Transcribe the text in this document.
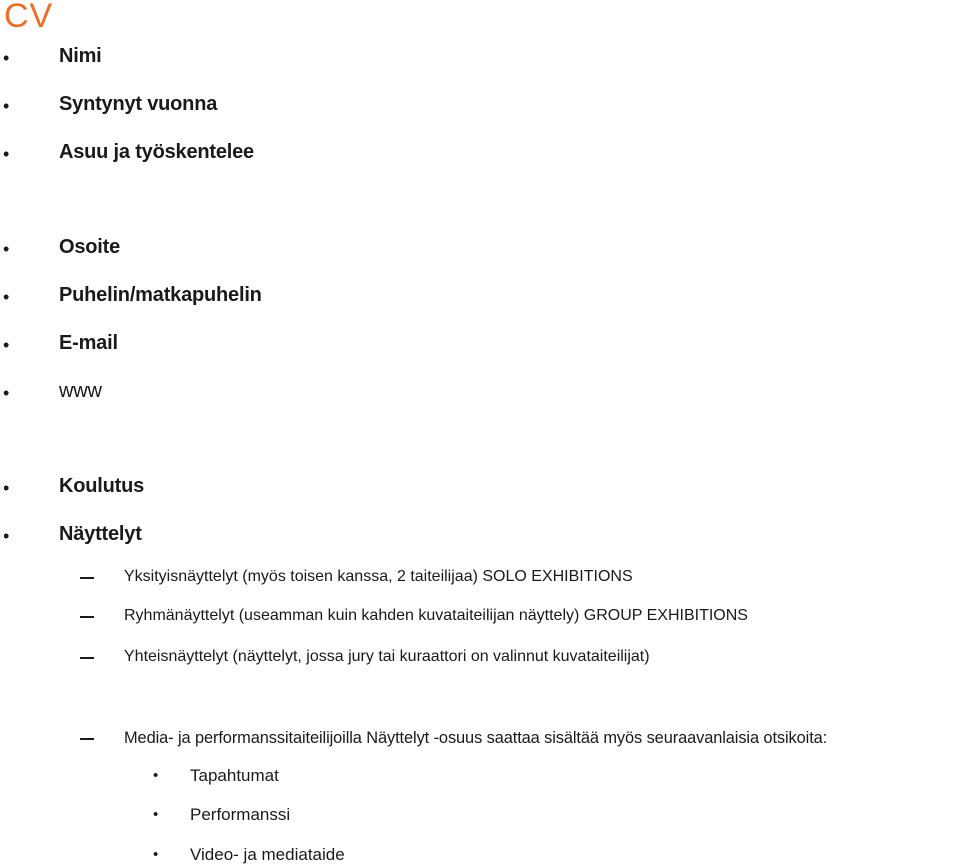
CV
• Nimi
• Syntynyt vuonna
• Asuu ja työskentelee
• Osoite
• Puhelin/matkapuhelin
• E-mail
• www
• Koulutus
• Näyttelyt
Yksityisnäyttelyt (myös toisen kanssa, 2 taiteilijaa) SOLO EXHIBITIONS
Ryhmänäyttelyt (useamman kuin kahden kuvataiteilijan näyttely) GROUP EXHIBITIONS
Yhteisnäyttelyt (näyttelyt, jossa jury tai kuraattori on valinnut kuvataiteilijat)
Media- ja performanssitaiteilijoilla Näyttelyt -osuus saattaa sisältää myös seuraavanlaisia otsikoita:
• Tapahtumat
• Performanssi
• Video- ja mediataide
